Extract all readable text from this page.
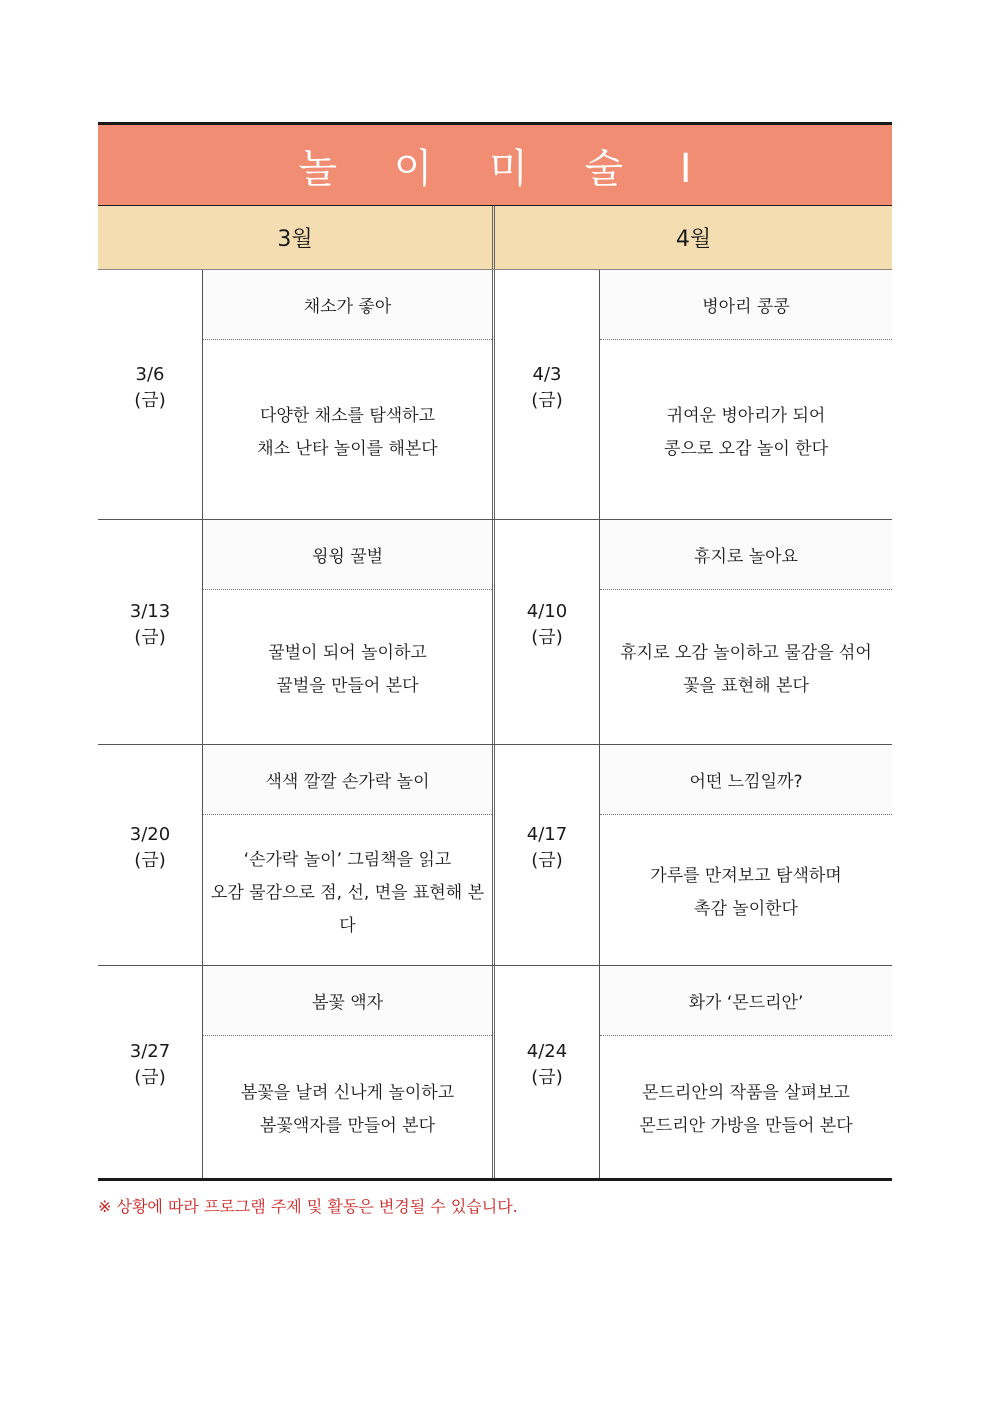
놀 이 미 술 Ⅰ
3월	4월
3/6
(금)
채소가 좋아
다양한 채소를 탐색하고
채소 난타 놀이를 해본다
4/3
(금)
병아리 콩콩
귀여운 병아리가 되어
콩으로 오감 놀이 한다
3/13
(금)
윙윙 꿀벌
꿀벌이 되어 놀이하고
꿀벌을 만들어 본다
4/10
(금)
휴지로 놀아요
휴지로 오감 놀이하고 물감을 섞어
꽃을 표현해 본다
3/20
(금)
색색 깔깔 손가락 놀이
‘손가락 놀이’ 그림책을 읽고
오감 물감으로 점, 선, 면을 표현해 본다
4/17
(금)
어떤 느낌일까?
가루를 만져보고 탐색하며
촉감 놀이한다
3/27
(금)
봄꽃 액자
봄꽃을 날려 신나게 놀이하고
봄꽃액자를 만들어 본다
4/24
(금)
화가 ‘몬드리안’
몬드리안의 작품을 살펴보고
몬드리안 가방을 만들어 본다
※ 상황에 따라 프로그램 주제 및 활동은 변경될 수 있습니다.
